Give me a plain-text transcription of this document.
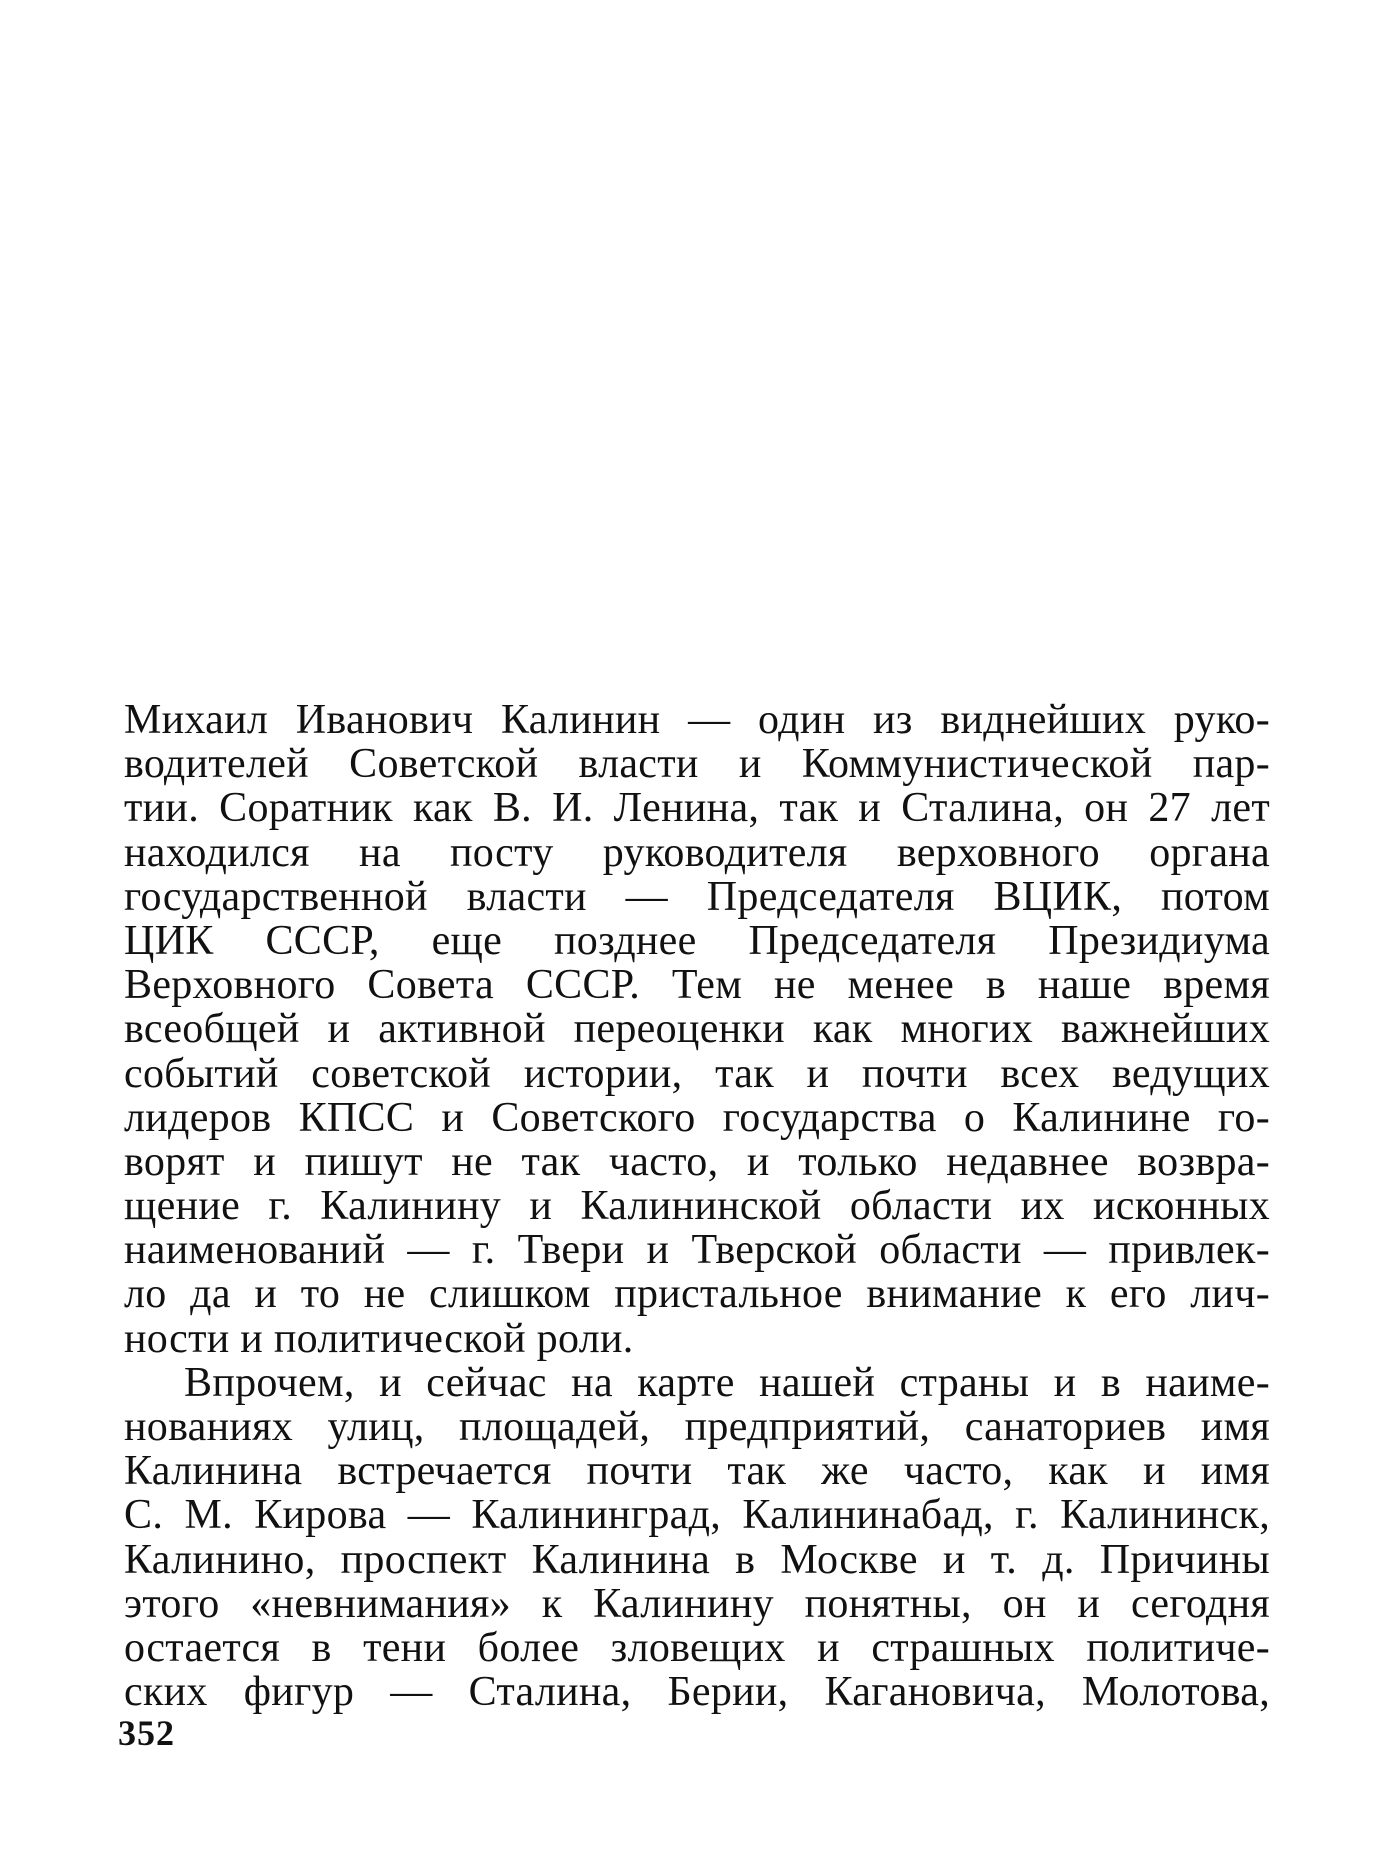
Михаил Иванович Калинин — один из виднейших руко-
водителей Советской власти и Коммунистической пар-
тии. Соратник как В. И. Ленина, так и Сталина, он 27 лет
находился на посту руководителя верховного органа
государственной власти — Председателя ВЦИК, потом
ЦИК СССР, еще позднее Председателя Президиума
Верховного Совета СССР. Тем не менее в наше время
всеобщей и активной переоценки как многих важнейших
событий советской истории, так и почти всех ведущих
лидеров КПСС и Советского государства о Калинине го-
ворят и пишут не так часто, и только недавнее возвра-
щение г. Калинину и Калининской области их исконных
наименований — г. Твери и Тверской области — привлек-
ло да и то не слишком пристальное внимание к его лич-
ности и политической роли.
Впрочем, и сейчас на карте нашей страны и в наиме-
нованиях улиц, площадей, предприятий, санаториев имя
Калинина встречается почти так же часто, как и имя
С. М. Кирова — Калининград, Калининабад, г. Калининск,
Калинино, проспект Калинина в Москве и т. д. Причины
этого «невнимания» к Калинину понятны, он и сегодня
остается в тени более зловещих и страшных политиче-
ских фигур — Сталина, Берии, Кагановича, Молотова,
352
